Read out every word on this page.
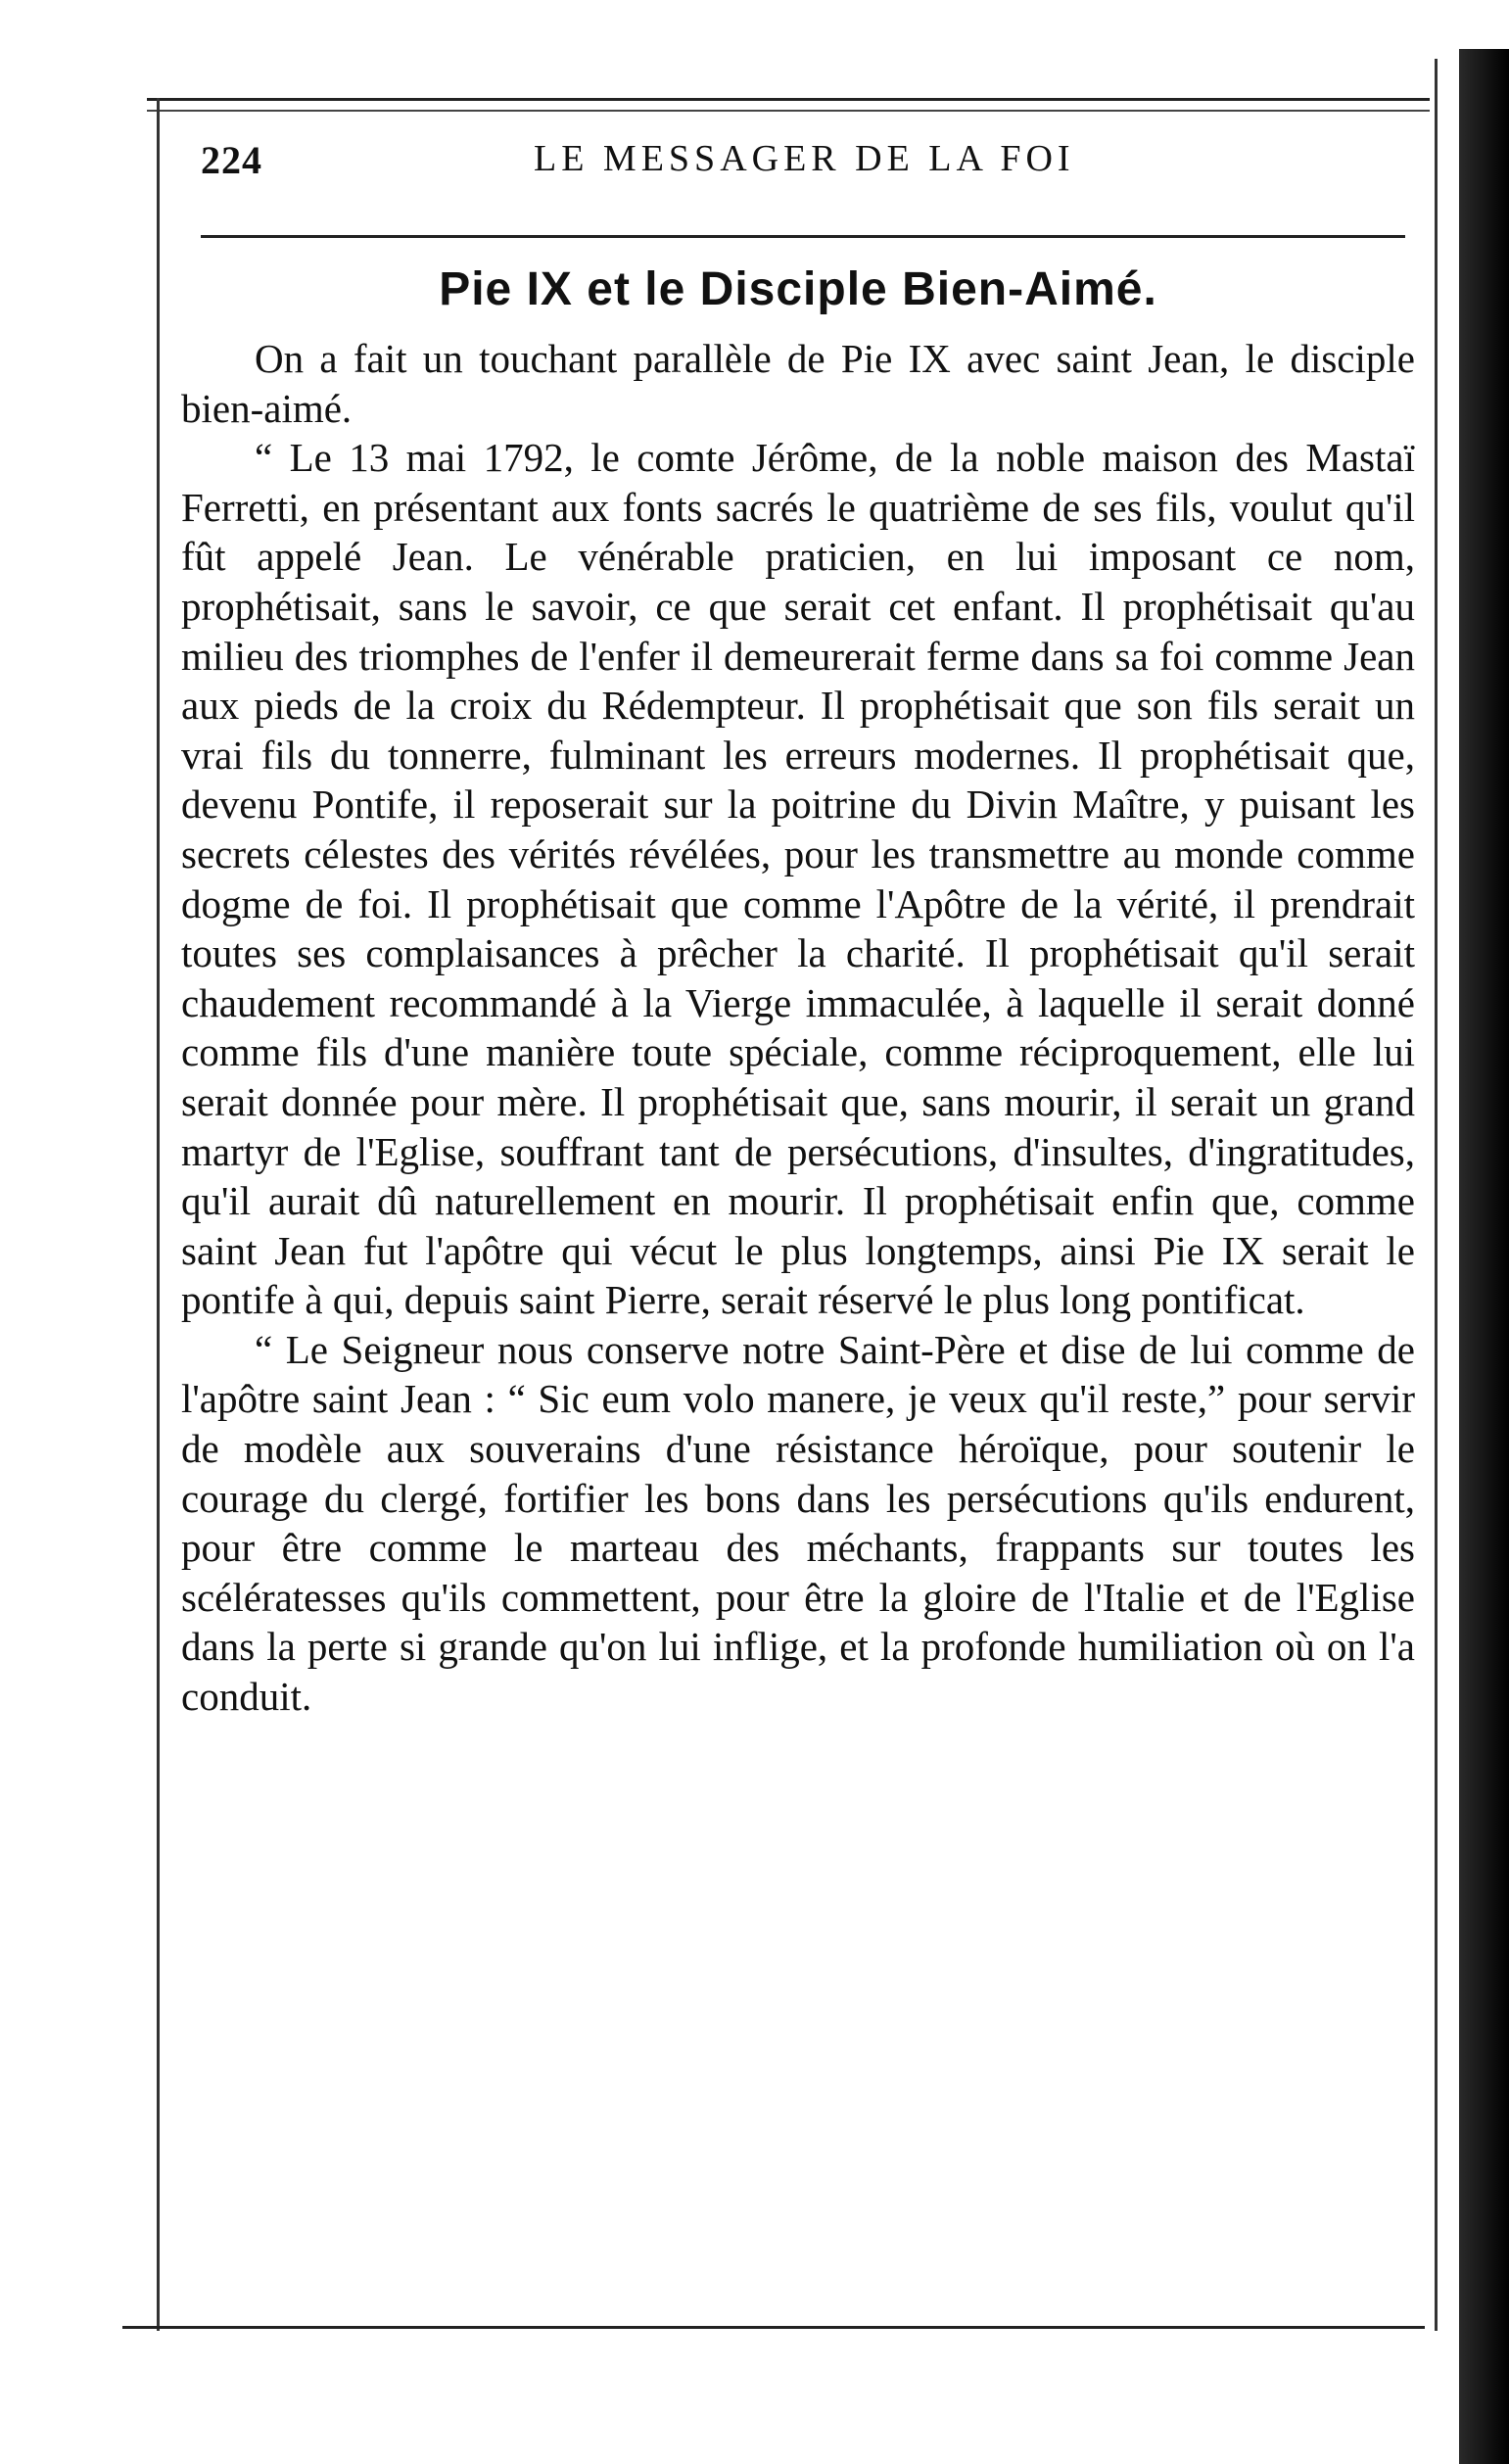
224	LE MESSAGER DE LA FOI
Pie IX et le Disciple Bien-Aimé.

On a fait un touchant parallèle de Pie IX avec saint Jean, le disciple bien-aimé.

“ Le 13 mai 1792, le comte Jérôme, de la noble maison des Mastaï Ferretti, en présentant aux fonts sacrés le quatrième de ses fils, voulut qu'il fût appelé Jean. Le vénérable praticien, en lui imposant ce nom, prophétisait, sans le savoir, ce que serait cet enfant. Il prophétisait qu'au milieu des triomphes de l'enfer il demeurerait ferme dans sa foi comme Jean aux pieds de la croix du Rédempteur. Il prophétisait que son fils serait un vrai fils du tonnerre, fulminant les erreurs modernes. Il prophétisait que, devenu Pontife, il reposerait sur la poitrine du Divin Maître, y puisant les secrets célestes des vérités révélées, pour les transmettre au monde comme dogme de foi. Il prophétisait que comme l'Apôtre de la vérité, il prendrait toutes ses complaisances à prêcher la charité. Il prophétisait qu'il serait chaudement recommandé à la Vierge immaculée, à laquelle il serait donné comme fils d'une manière toute spéciale, comme réciproquement, elle lui serait donnée pour mère. Il prophétisait que, sans mourir, il serait un grand martyr de l'Eglise, souffrant tant de persécutions, d'insultes, d'ingratitudes, qu'il aurait dû naturellement en mourir. Il prophétisait enfin que, comme saint Jean fut l'apôtre qui vécut le plus longtemps, ainsi Pie IX serait le pontife à qui, depuis saint Pierre, serait réservé le plus long pontificat.

“ Le Seigneur nous conserve notre Saint-Père et dise de lui comme de l'apôtre saint Jean : “ Sic eum volo manere, je veux qu'il reste,” pour servir de modèle aux souverains d'une résistance héroïque, pour soutenir le courage du clergé, fortifier les bons dans les persécutions qu'ils endurent, pour être comme le marteau des méchants, frappants sur toutes les scélératesses qu'ils commettent, pour être la gloire de l'Italie et de l'Eglise dans la perte si grande qu'on lui inflige, et la profonde humiliation où on l'a conduit.
